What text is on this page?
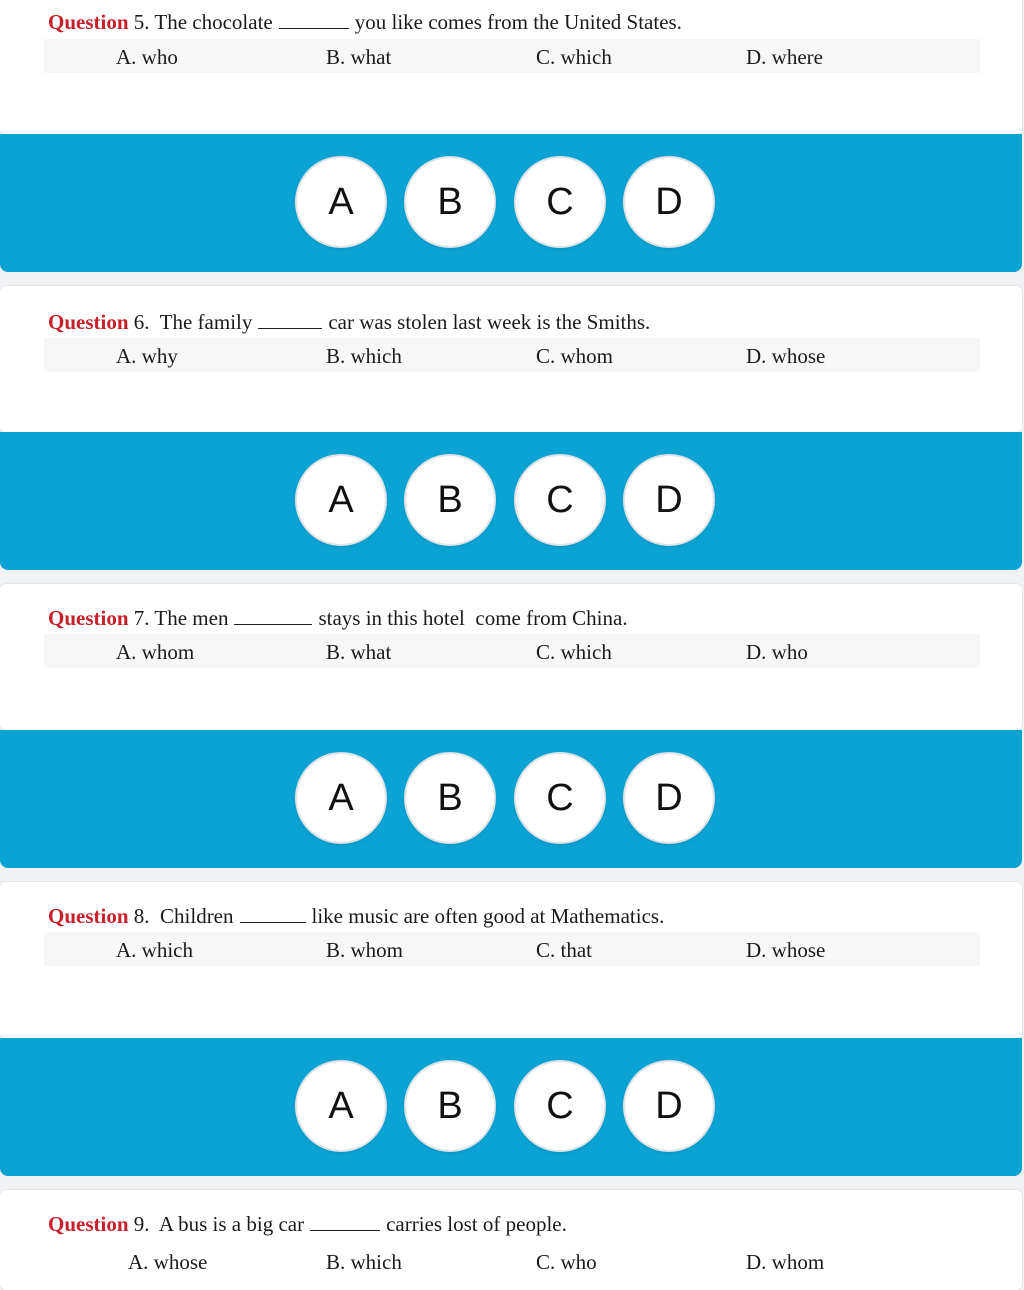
Question 5. The chocolate	you like comes from the United States.
A. who	B. what	C. which	D. where
A	B	C	D
Question 6. The family	car was stolen last week is the Smiths.
A. why	B. which	C. whom	D. whose
A	B	C	D
Question 7. The men	stays in this hotel  come from China.
A. whom	B. what	C. which	D. who
A	B	C	D
Question 8. Children	like music are often good at Mathematics.
A. which	B. whom	C. that	D. whose
A	B	C	D
Question 9. A bus is a big car	carries lost of people.
A. whose	B. which	C. who	D. whom
